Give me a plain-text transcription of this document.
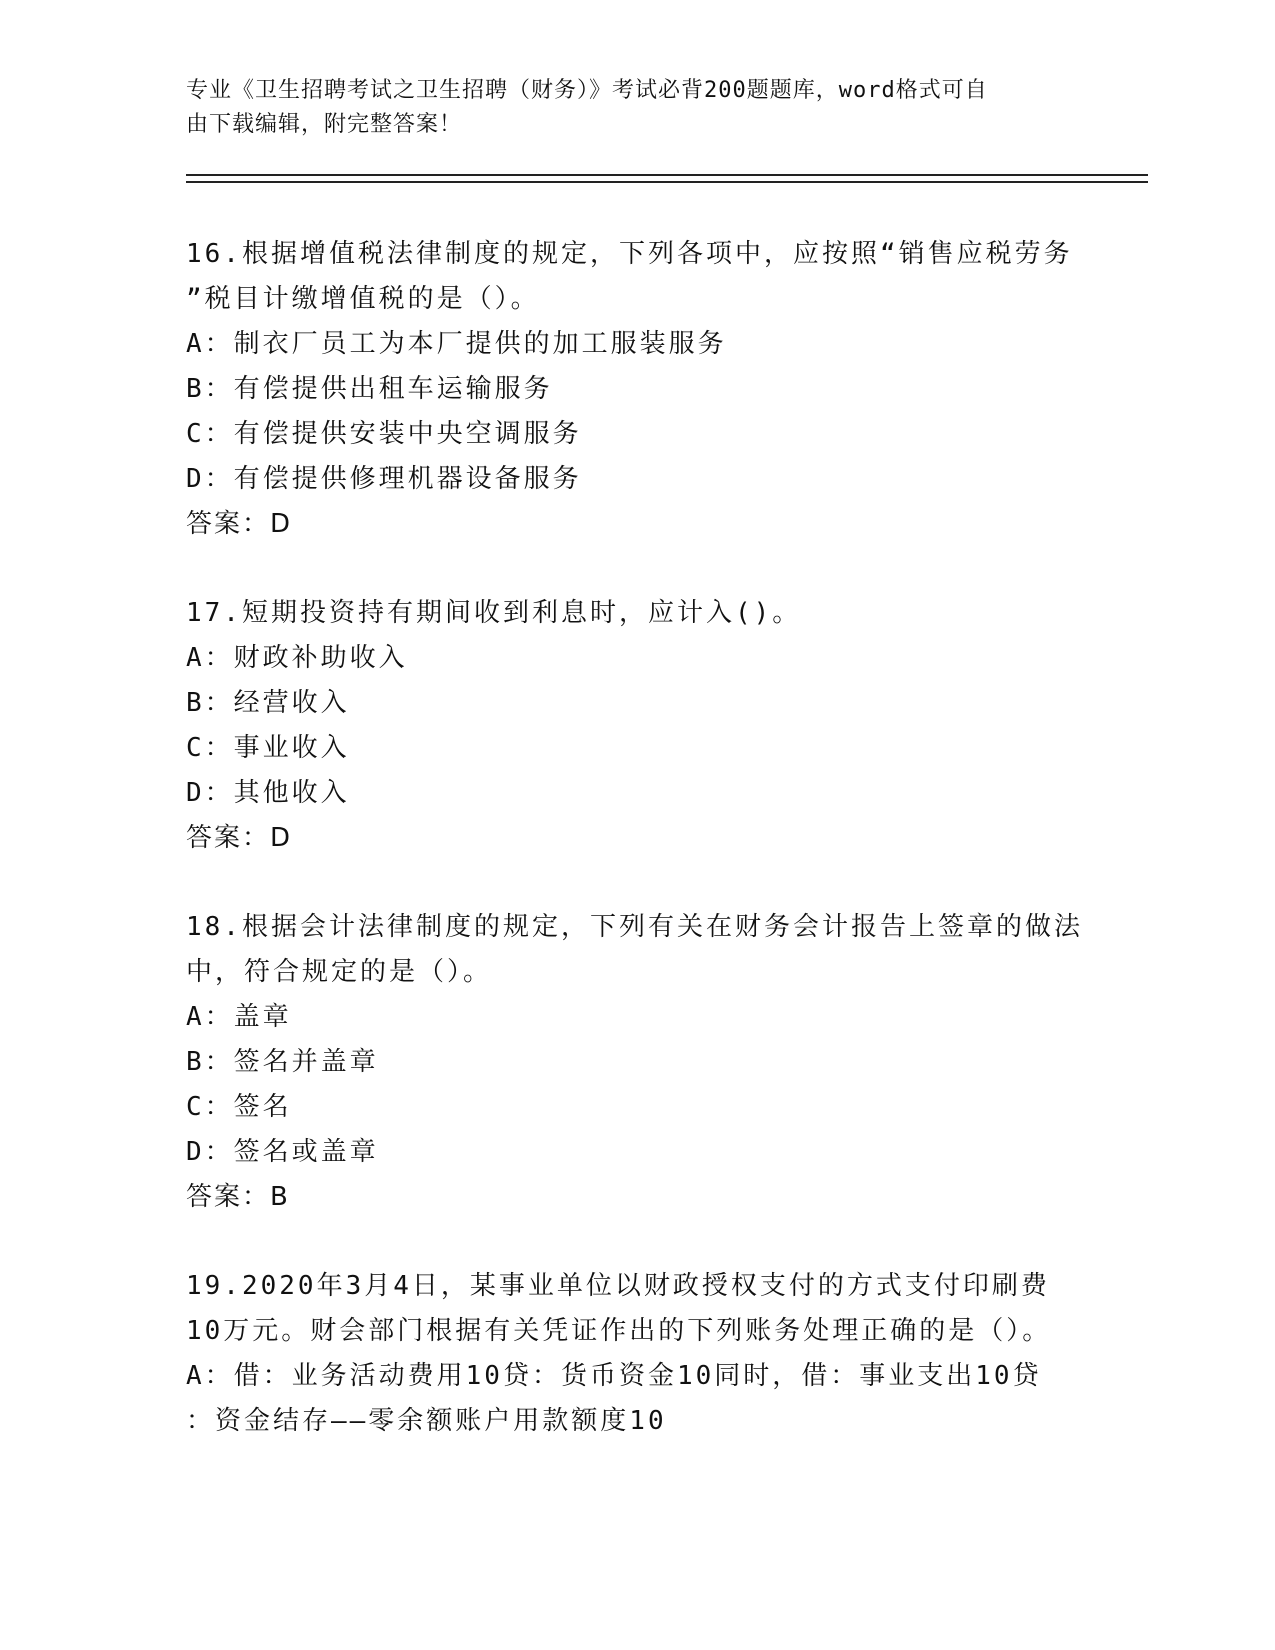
专业《卫生招聘考试之卫生招聘（财务）》考试必背200题题库，word格式可自
由下载编辑，附完整答案！
16.根据增值税法律制度的规定，下列各项中，应按照“销售应税劳务
”税目计缴增值税的是（）。
A：制衣厂员工为本厂提供的加工服装服务
B：有偿提供出租车运输服务
C：有偿提供安装中央空调服务
D：有偿提供修理机器设备服务
答案：D
17.短期投资持有期间收到利息时，应计入()。
A：财政补助收入
B：经营收入
C：事业收入
D：其他收入
答案：D
18.根据会计法律制度的规定，下列有关在财务会计报告上签章的做法
中，符合规定的是（）。
A：盖章
B：签名并盖章
C：签名
D：签名或盖章
答案：B
19.2020年3月4日，某事业单位以财政授权支付的方式支付印刷费
10万元。财会部门根据有关凭证作出的下列账务处理正确的是（）。
A：借：业务活动费用10贷：货币资金10同时，借：事业支出10贷
：资金结存——零余额账户用款额度10
